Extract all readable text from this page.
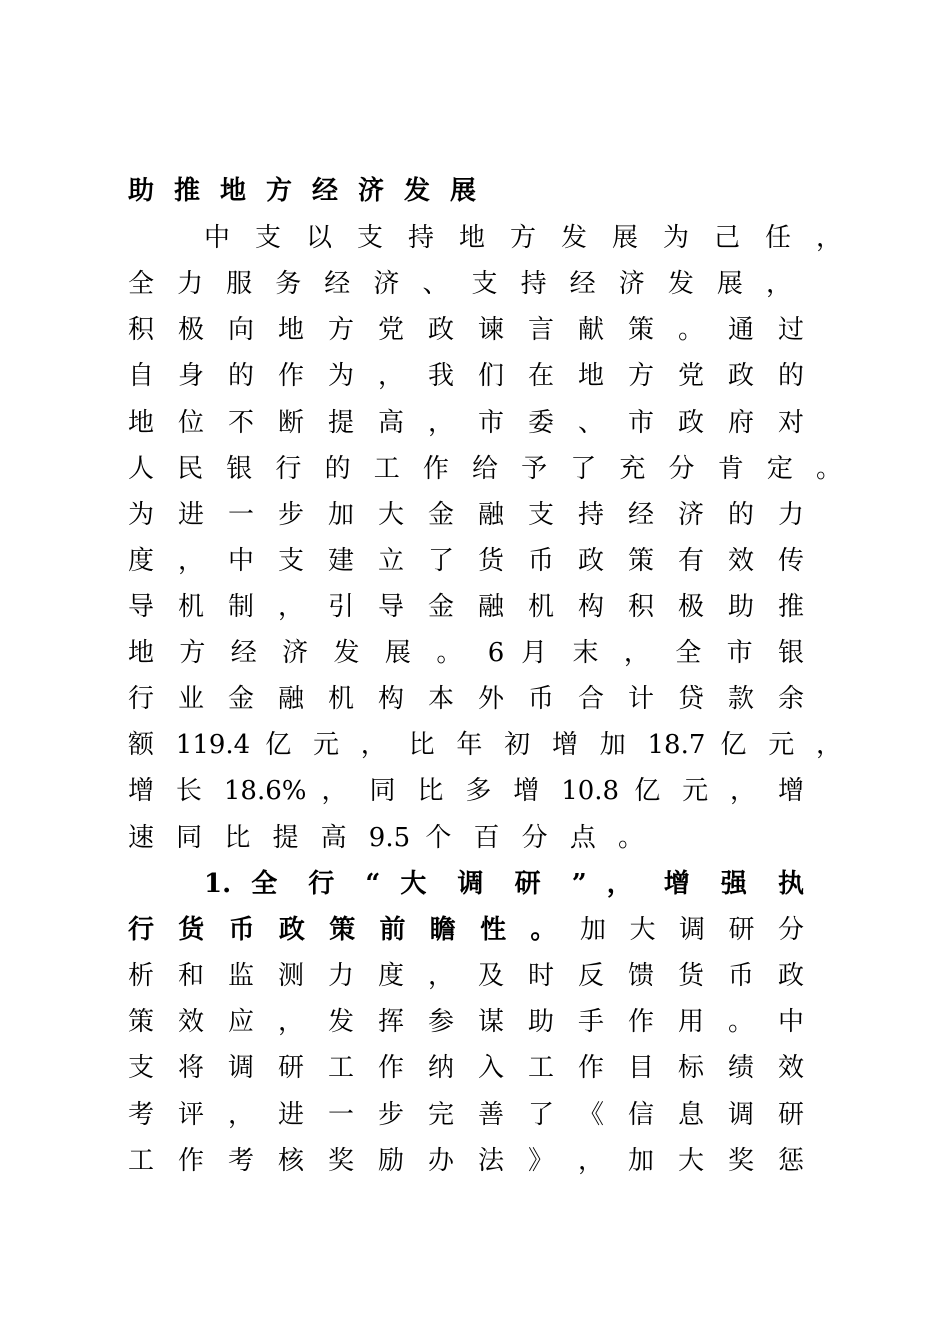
助推地方经济发展
中 支 以 支 持 地 方 发 展 为 己 任 ，
全 力 服 务 经 济 、 支 持 经 济 发 展 ，
积 极 向 地 方 党 政 谏 言 献 策 。 通 过
自 身 的 作 为 ， 我 们 在 地 方 党 政 的
地 位 不 断 提 高 ， 市 委 、 市 政 府 对
人 民 银 行 的 工 作 给 予 了 充 分 肯 定 。
为 进 一 步 加 大 金 融 支 持 经 济 的 力
度 ， 中 支 建 立 了 货 币 政 策 有 效 传
导 机 制 ， 引 导 金 融 机 构 积 极 助 推
地 方 经 济 发 展 。 6 月 末 ， 全 市 银
行 业 金 融 机 构 本 外 币 合 计 贷 款 余
额 119.4 亿 元 ， 比 年 初 增 加 18.7 亿 元 ，
增 长 18.6% ， 同 比 多 增 10.8 亿 元 ， 增
速 同 比 提 高 9.5 个 百 分 点 。
1. 全 行 “ 大 调 研 ” ， 增 强 执
行 货 币 政 策 前 瞻 性 。 加 大 调 研 分
析 和 监 测 力 度 ， 及 时 反 馈 货 币 政
策 效 应 ， 发 挥 参 谋 助 手 作 用 。 中
支 将 调 研 工 作 纳 入 工 作 目 标 绩 效
考 评 ， 进 一 步 完 善 了 《 信 息 调 研
工 作 考 核 奖 励 办 法 》 ， 加 大 奖 惩
